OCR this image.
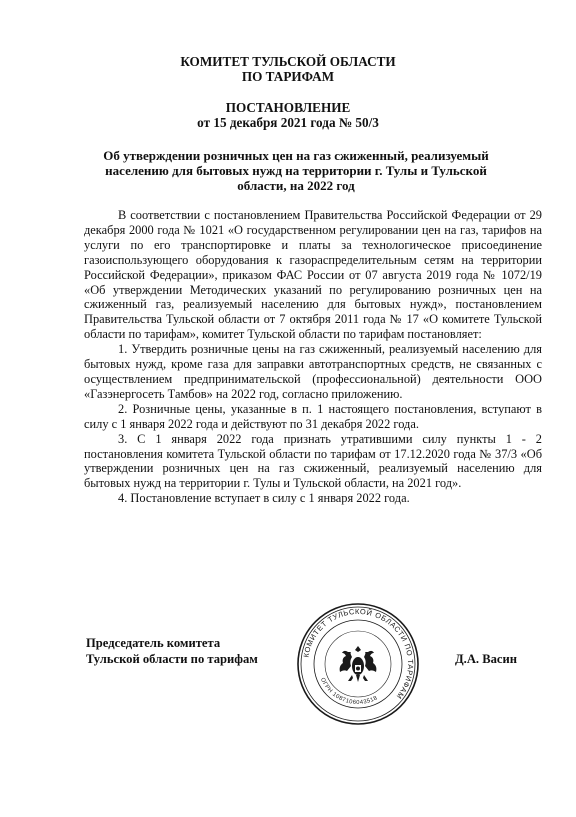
КОМИТЕТ ТУЛЬСКОЙ ОБЛАСТИ
ПО ТАРИФАМ
ПОСТАНОВЛЕНИЕ
от 15 декабря 2021 года № 50/3
Об утверждении розничных цен на газ сжиженный, реализуемый населению для бытовых нужд на территории г. Тулы и Тульской области, на 2022 год

В соответствии с постановлением Правительства Российской Федерации от 29 декабря 2000 года № 1021 «О государственном регулировании цен на газ, тарифов на услуги по его транспортировке и платы за технологическое присоединение газоиспользующего оборудования к газораспределительным сетям на территории Российской Федерации», приказом ФАС России от 07 августа 2019 года № 1072/19 «Об утверждении Методических указаний по регулированию розничных цен на сжиженный газ, реализуемый населению для бытовых нужд», постановлением Правительства Тульской области от 7 октября 2011 года № 17 «О комитете Тульской области по тарифам», комитет Тульской области по тарифам постановляет:

1. Утвердить розничные цены на газ сжиженный, реализуемый населению для бытовых нужд, кроме газа для заправки автотранспортных средств, не связанных с осуществлением предпринимательской (профессиональной) деятельности ООО «Газэнергосеть Тамбов» на 2022 год, согласно приложению.

2. Розничные цены, указанные в п. 1 настоящего постановления, вступают в силу с 1 января 2022 года и действуют по 31 декабря 2022 года.

3. С 1 января 2022 года признать утратившими силу пункты 1 - 2 постановления комитета Тульской области по тарифам от 17.12.2020 года № 37/3 «Об утверждении розничных цен на газ сжиженный, реализуемый населению для бытовых нужд на территории г. Тулы и Тульской области, на 2021 год».

4. Постановление вступает в силу с 1 января 2022 года.

Председатель комитета
Тульской области по тарифам	КОМИТЕТ ТУЛЬСКОЙ ОБЛАСТИ ПО ТАРИФАМ
ОГРН 1087106043518
Д.А. Васин
